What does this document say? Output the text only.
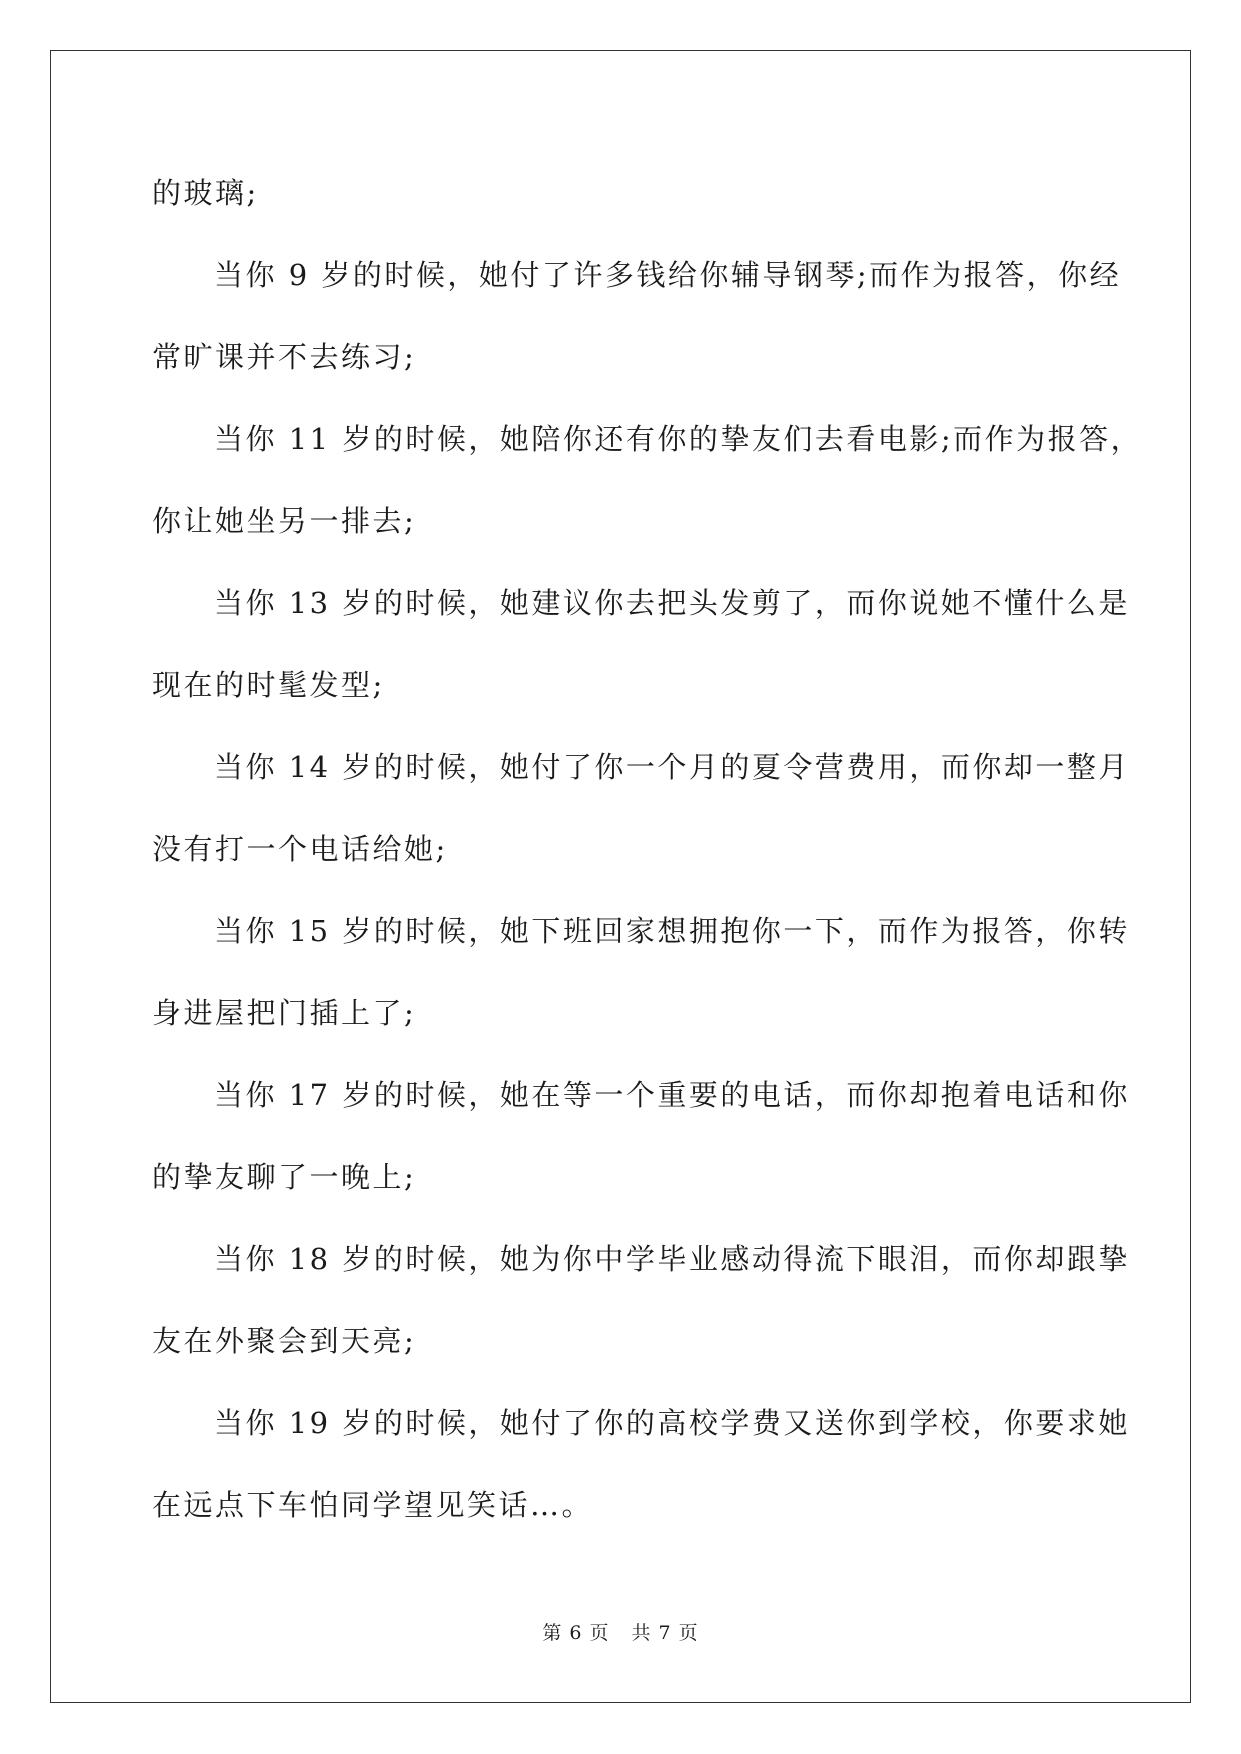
的玻璃;
当你 9 岁的时候，她付了许多钱给你辅导钢琴;而作为报答，你经
常旷课并不去练习;
当你 11 岁的时候，她陪你还有你的挚友们去看电影;而作为报答，
你让她坐另一排去;
当你 13 岁的时候，她建议你去把头发剪了，而你说她不懂什么是
现在的时髦发型;
当你 14 岁的时候，她付了你一个月的夏令营费用，而你却一整月
没有打一个电话给她;
当你 15 岁的时候，她下班回家想拥抱你一下，而作为报答，你转
身进屋把门插上了;
当你 17 岁的时候，她在等一个重要的电话，而你却抱着电话和你
的挚友聊了一晚上;
当你 18 岁的时候，她为你中学毕业感动得流下眼泪，而你却跟挚
友在外聚会到天亮;
当你 19 岁的时候，她付了你的高校学费又送你到学校，你要求她
在远点下车怕同学望见笑话…。
第 6 页 共 7 页
